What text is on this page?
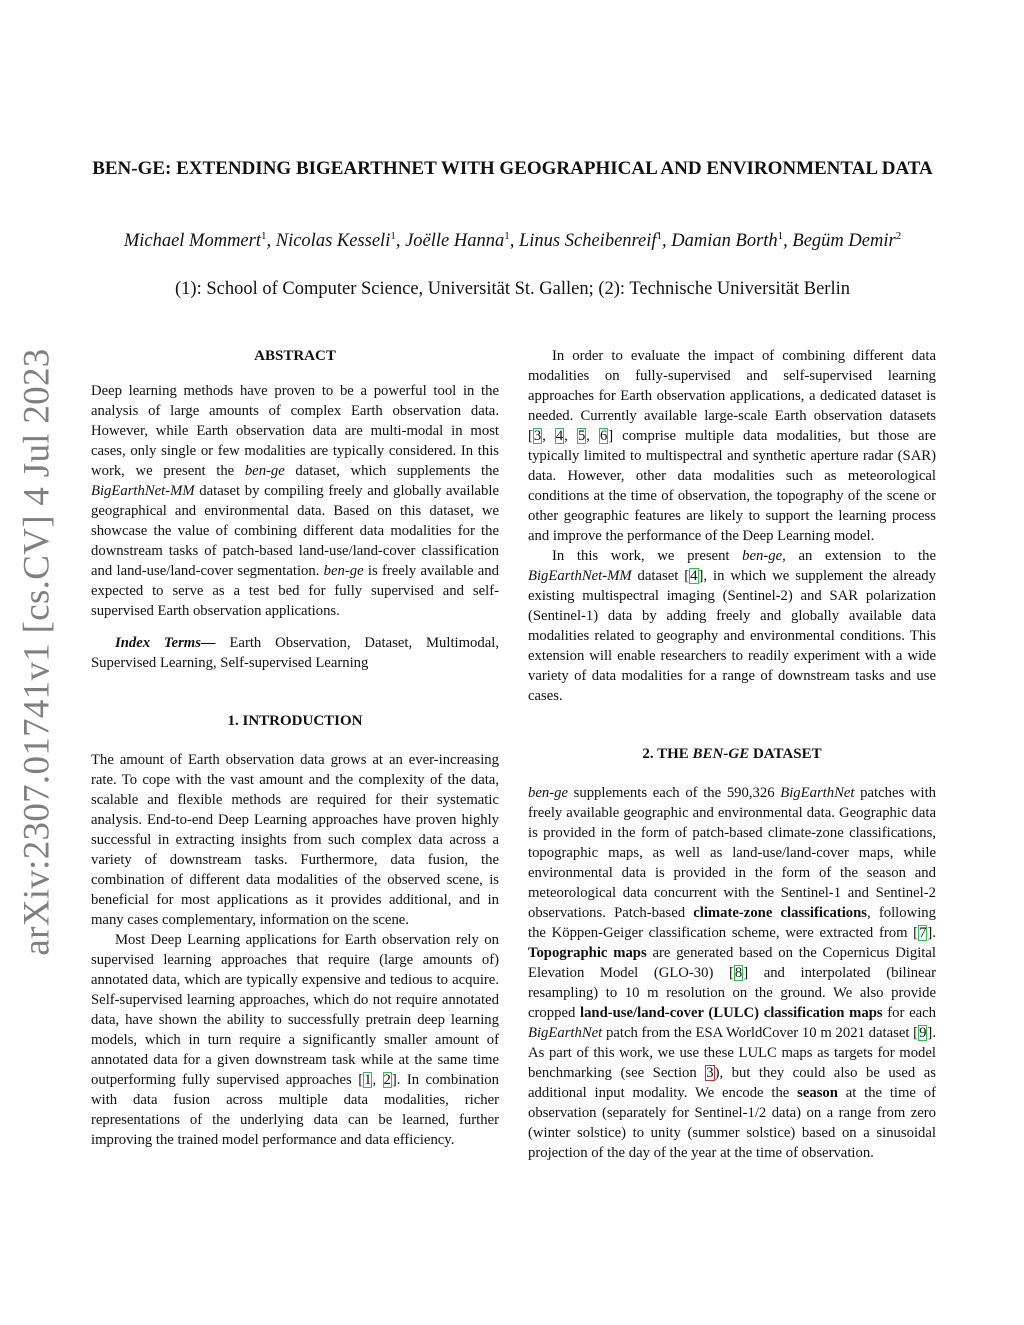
arXiv:2307.01741v1 [cs.CV] 4 Jul 2023
BEN-GE: EXTENDING BIGEARTHNET WITH GEOGRAPHICAL AND ENVIRONMENTAL DATA
Michael Mommert$^1$, Nicolas Kesseli$^1$, Joëlle Hanna$^1$, Linus Scheibenreif$^1$, Damian Borth$^1$, Begüm Demir$^2$
(1): School of Computer Science, Universität St. Gallen; (2): Technische Universität Berlin

ABSTRACT

Deep learning methods have proven to be a powerful tool in the analysis of large amounts of complex Earth observation data. However, while Earth observation data are multi-modal in most cases, only single or few modalities are typically considered. In this work, we present the ben-ge dataset, which supplements the BigEarthNet-MM dataset by compiling freely and globally available geographical and environmental data. Based on this dataset, we showcase the value of combining different data modalities for the downstream tasks of patch-based land-use/land-cover classification and land-use/land-cover segmentation. ben-ge is freely available and expected to serve as a test bed for fully supervised and self-supervised Earth observation applications.

Index Terms— Earth Observation, Dataset, Multimodal, Supervised Learning, Self-supervised Learning

1. INTRODUCTION

The amount of Earth observation data grows at an ever-increasing rate. To cope with the vast amount and the complexity of the data, scalable and flexible methods are required for their systematic analysis. End-to-end Deep Learning approaches have proven highly successful in extracting insights from such complex data across a variety of downstream tasks. Furthermore, data fusion, the combination of different data modalities of the observed scene, is beneficial for most applications as it provides additional, and in many cases complementary, information on the scene.

Most Deep Learning applications for Earth observation rely on supervised learning approaches that require (large amounts of) annotated data, which are typically expensive and tedious to acquire. Self-supervised learning approaches, which do not require annotated data, have shown the ability to successfully pretrain deep learning models, which in turn require a significantly smaller amount of annotated data for a given downstream task while at the same time outperforming fully supervised approaches [1, 2]. In combination with data fusion across multiple data modalities, richer representations of the underlying data can be learned, further improving the trained model performance and data efficiency.

In order to evaluate the impact of combining different data modalities on fully-supervised and self-supervised learning approaches for Earth observation applications, a dedicated dataset is needed. Currently available large-scale Earth observation datasets [3, 4, 5, 6] comprise multiple data modalities, but those are typically limited to multispectral and synthetic aperture radar (SAR) data. However, other data modalities such as meteorological conditions at the time of observation, the topography of the scene or other geographic features are likely to support the learning process and improve the performance of the Deep Learning model.

In this work, we present ben-ge, an extension to the BigEarthNet-MM dataset [4], in which we supplement the already existing multispectral imaging (Sentinel-2) and SAR polarization (Sentinel-1) data by adding freely and globally available data modalities related to geography and environmental conditions. This extension will enable researchers to readily experiment with a wide variety of data modalities for a range of downstream tasks and use cases.

2. THE BEN-GE DATASET

ben-ge supplements each of the 590,326 BigEarthNet patches with freely available geographic and environmental data. Geographic data is provided in the form of patch-based climate-zone classifications, topographic maps, as well as land-use/land-cover maps, while environmental data is provided in the form of the season and meteorological data concurrent with the Sentinel-1 and Sentinel-2 observations. Patch-based climate-zone classifications, following the Köppen-Geiger classification scheme, were extracted from [7]. Topographic maps are generated based on the Copernicus Digital Elevation Model (GLO-30) [8] and interpolated (bilinear resampling) to 10 m resolution on the ground. We also provide cropped land-use/land-cover (LULC) classification maps for each BigEarthNet patch from the ESA WorldCover 10 m 2021 dataset [9]. As part of this work, we use these LULC maps as targets for model benchmarking (see Section 3), but they could also be used as additional input modality. We encode the season at the time of observation (separately for Sentinel-1/2 data) on a range from zero (winter solstice) to unity (summer solstice) based on a sinusoidal projection of the day of the year at the time of observation.
